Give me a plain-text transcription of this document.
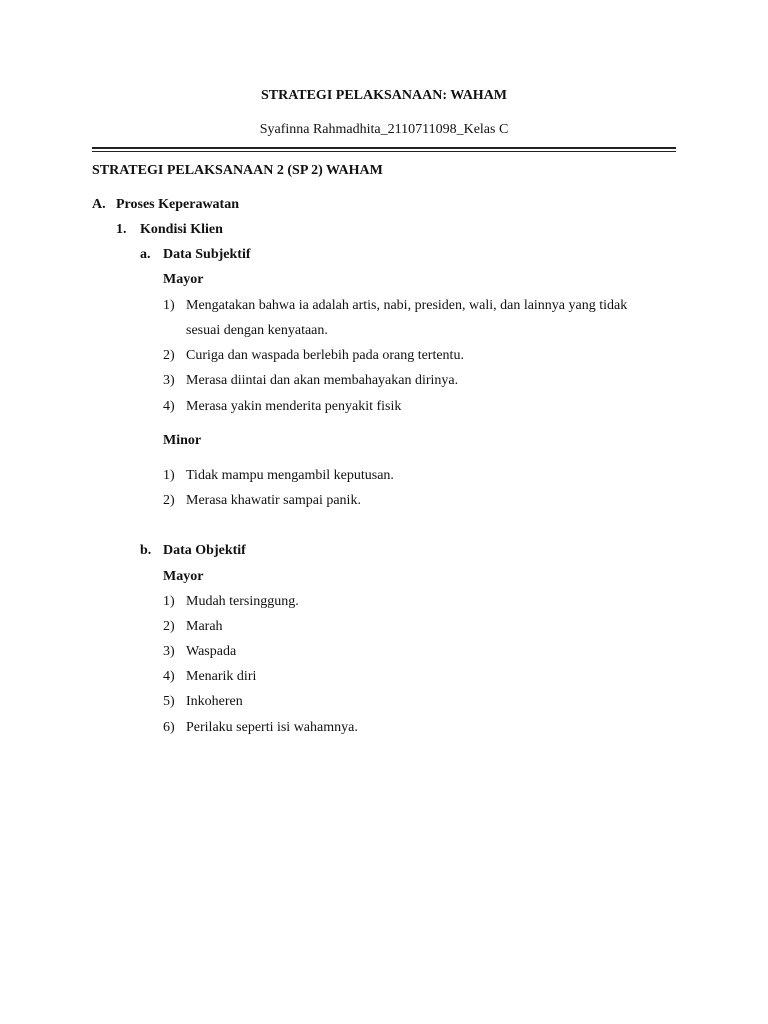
STRATEGI PELAKSANAAN: WAHAM
Syafinna Rahmadhita_2110711098_Kelas C
STRATEGI PELAKSANAAN 2 (SP 2) WAHAM
A. Proses Keperawatan
1. Kondisi Klien
a. Data Subjektif
Mayor
1) Mengatakan bahwa ia adalah artis, nabi, presiden, wali, dan lainnya yang tidak
sesuai dengan kenyataan.
2) Curiga dan waspada berlebih pada orang tertentu.
3) Merasa diintai dan akan membahayakan dirinya.
4) Merasa yakin menderita penyakit fisik
Minor
1) Tidak mampu mengambil keputusan.
2) Merasa khawatir sampai panik.
b. Data Objektif
Mayor
1) Mudah tersinggung.
2) Marah
3) Waspada
4) Menarik diri
5) Inkoheren
6) Perilaku seperti isi wahamnya.
